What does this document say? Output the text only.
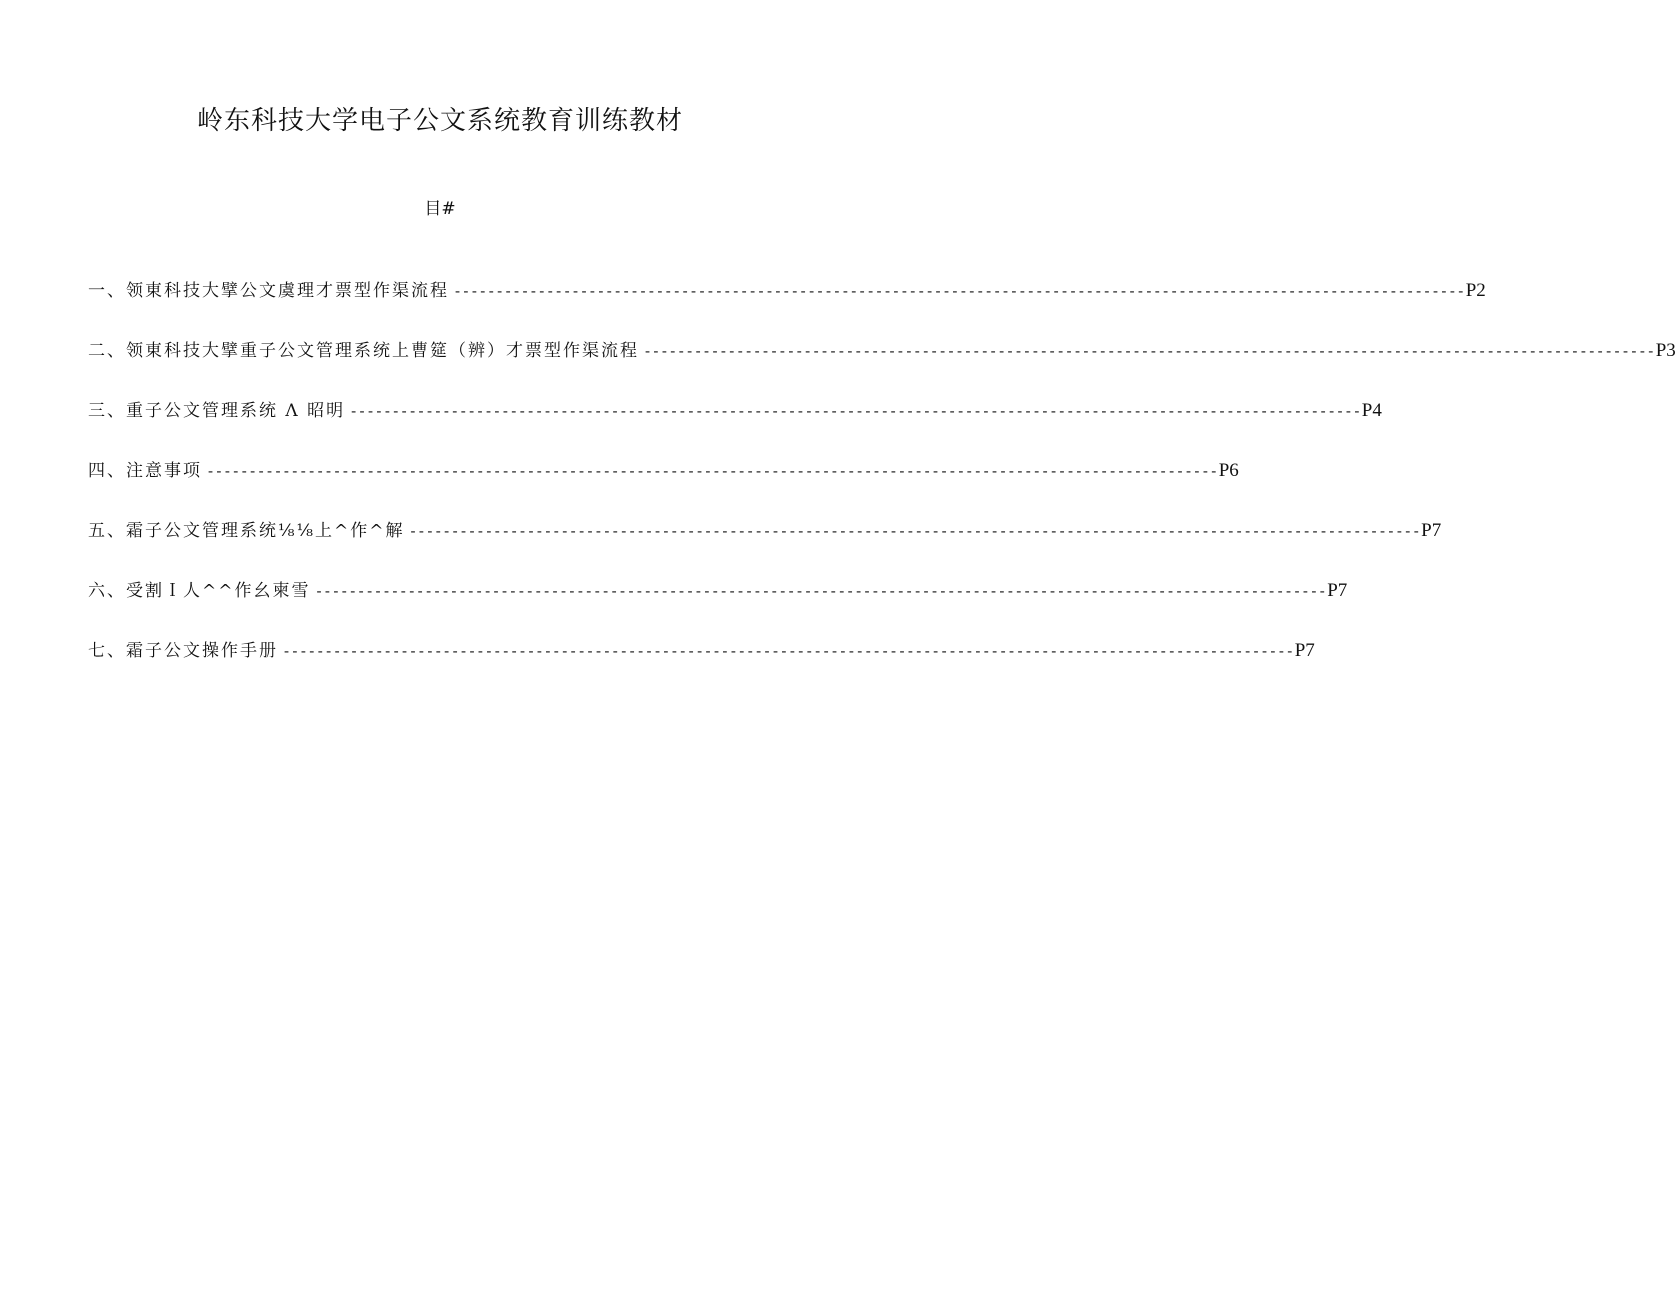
岭东科技大学电子公文系统教育训练教材
目#
一、领東科技大擘公文虞理才票型作渠流程 ------------------------------------------------------------------------------------------------------------------------ P2
二、领東科技大擘重子公文管理系统上曹筵（辨）才票型作渠流程 ------------------------------------------------------------------------------------------------------------------------ P3
三、重子公文管理系统 Λ 昭明 ------------------------------------------------------------------------------------------------------------------------ P4
四、注意事项 ------------------------------------------------------------------------------------------------------------------------ P6
五、霜子公文管理系统⅛⅛上^作^解 ------------------------------------------------------------------------------------------------------------------------ P7
六、受割Ｉ人^^作幺柬雪 ------------------------------------------------------------------------------------------------------------------------ P7
七、霜子公文操作手册 ------------------------------------------------------------------------------------------------------------------------ P7
